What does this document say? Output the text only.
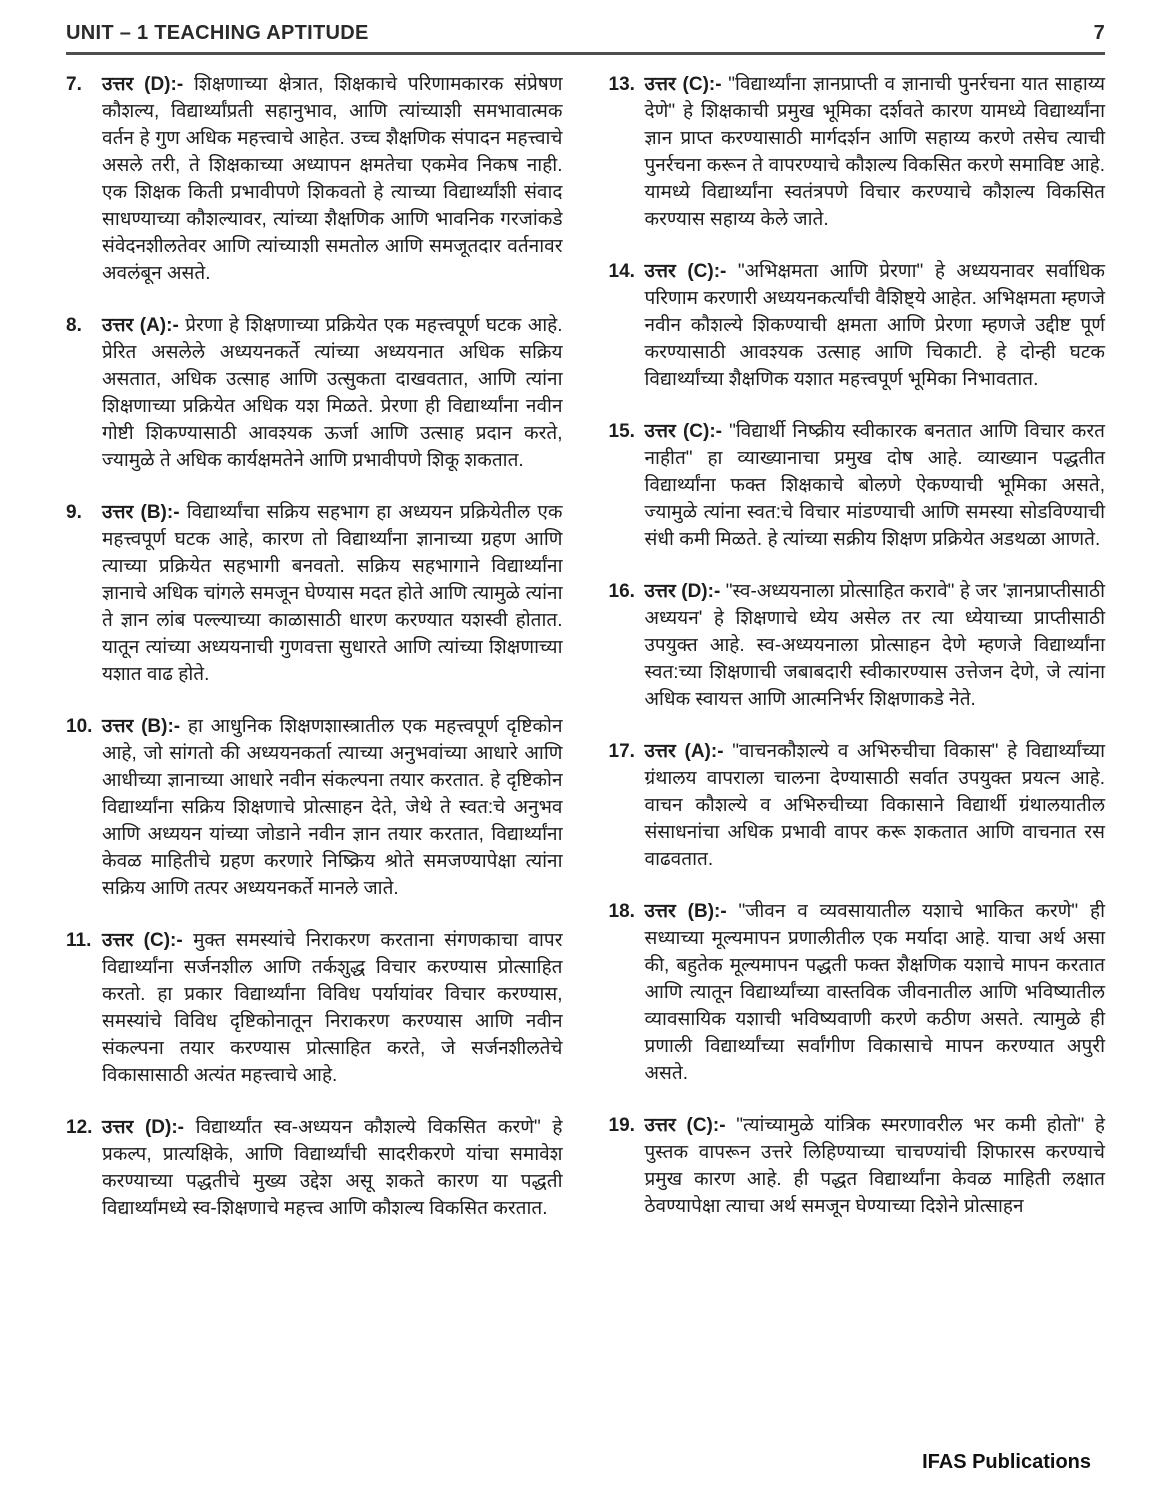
UNIT – 1 TEACHING APTITUDE	7
7.	उत्तर (D):- शिक्षणाच्या क्षेत्रात, शिक्षकाचे परिणामकारक संप्रेषण कौशल्य, विद्यार्थ्यांप्रती सहानुभाव, आणि त्यांच्याशी समभावात्मक वर्तन हे गुण अधिक महत्त्वाचे आहेत. उच्च शैक्षणिक संपादन महत्त्वाचे असले तरी, ते शिक्षकाच्या अध्यापन क्षमतेचा एकमेव निकष नाही. एक शिक्षक किती प्रभावीपणे शिकवतो हे त्याच्या विद्यार्थ्यांशी संवाद साधण्याच्या कौशल्यावर, त्यांच्या शैक्षणिक आणि भावनिक गरजांकडे संवेदनशीलतेवर आणि त्यांच्याशी समतोल आणि समजूतदार वर्तनावर अवलंबून असते.
8.	उत्तर (A):- प्रेरणा हे शिक्षणाच्या प्रक्रियेत एक महत्त्वपूर्ण घटक आहे. प्रेरित असलेले अध्ययनकर्ते त्यांच्या अध्ययनात अधिक सक्रिय असतात, अधिक उत्साह आणि उत्सुकता दाखवतात, आणि त्यांना शिक्षणाच्या प्रक्रियेत अधिक यश मिळते. प्रेरणा ही विद्यार्थ्यांना नवीन गोष्टी शिकण्यासाठी आवश्यक ऊर्जा आणि उत्साह प्रदान करते, ज्यामुळे ते अधिक कार्यक्षमतेने आणि प्रभावीपणे शिकू शकतात.
9.	उत्तर (B):- विद्यार्थ्यांचा सक्रिय सहभाग हा अध्ययन प्रक्रियेतील एक महत्त्वपूर्ण घटक आहे, कारण तो विद्यार्थ्यांना ज्ञानाच्या ग्रहण आणि त्याच्या प्रक्रियेत सहभागी बनवतो. सक्रिय सहभागाने विद्यार्थ्यांना ज्ञानाचे अधिक चांगले समजून घेण्यास मदत होते आणि त्यामुळे त्यांना ते ज्ञान लांब पल्ल्याच्या काळासाठी धारण करण्यात यशस्वी होतात. यातून त्यांच्या अध्ययनाची गुणवत्ता सुधारते आणि त्यांच्या शिक्षणाच्या यशात वाढ होते.
10. उत्तर (B):- हा आधुनिक शिक्षणशास्त्रातील एक महत्त्वपूर्ण दृष्टिकोन आहे, जो सांगतो की अध्ययनकर्ता त्याच्या अनुभवांच्या आधारे आणि आधीच्या ज्ञानाच्या आधारे नवीन संकल्पना तयार करतात. हे दृष्टिकोन विद्यार्थ्यांना सक्रिय शिक्षणाचे प्रोत्साहन देते, जेथे ते स्वत:चे अनुभव आणि अध्ययन यांच्या जोडाने नवीन ज्ञान तयार करतात, विद्यार्थ्यांना केवळ माहितीचे ग्रहण करणारे निष्क्रिय श्रोते समजण्यापेक्षा त्यांना सक्रिय आणि तत्पर अध्ययनकर्ते मानले जाते.
11. उत्तर (C):- मुक्त समस्यांचे निराकरण करताना संगणकाचा वापर विद्यार्थ्यांना सर्जनशील आणि तर्कशुद्ध विचार करण्यास प्रोत्साहित करतो. हा प्रकार विद्यार्थ्यांना विविध पर्यायांवर विचार करण्यास, समस्यांचे विविध दृष्टिकोनातून निराकरण करण्यास आणि नवीन संकल्पना तयार करण्यास प्रोत्साहित करते, जे सर्जनशीलतेचे विकासासाठी अत्यंत महत्त्वाचे आहे.
12. उत्तर (D):- विद्यार्थ्यांत स्व-अध्ययन कौशल्ये विकसित करणे" हे प्रकल्प, प्रात्यक्षिके, आणि विद्यार्थ्यांची सादरीकरणे यांचा समावेश करण्याच्या पद्धतीचे मुख्य उद्देश असू शकते कारण या पद्धती विद्यार्थ्यांमध्ये स्व-शिक्षणाचे महत्त्व आणि कौशल्य विकसित करतात.
13. उत्तर (C):- "विद्यार्थ्यांना ज्ञानप्राप्ती व ज्ञानाची पुनर्रचना यात साहाय्य देणे" हे शिक्षकाची प्रमुख भूमिका दर्शवते कारण यामध्ये विद्यार्थ्यांना ज्ञान प्राप्त करण्यासाठी मार्गदर्शन आणि सहाय्य करणे तसेच त्याची पुनर्रचना करून ते वापरण्याचे कौशल्य विकसित करणे समाविष्ट आहे. यामध्ये विद्यार्थ्यांना स्वतंत्रपणे विचार करण्याचे कौशल्य विकसित करण्यास सहाय्य केले जाते.
14. उत्तर (C):- "अभिक्षमता आणि प्रेरणा" हे अध्ययनावर सर्वाधिक परिणाम करणारी अध्ययनकर्त्यांची वैशिष्ट्ये आहेत. अभिक्षमता म्हणजे नवीन कौशल्ये शिकण्याची क्षमता आणि प्रेरणा म्हणजे उद्दीष्ट पूर्ण करण्यासाठी आवश्यक उत्साह आणि चिकाटी. हे दोन्ही घटक विद्यार्थ्यांच्या शैक्षणिक यशात महत्त्वपूर्ण भूमिका निभावतात.
15. उत्तर (C):- "विद्यार्थी निष्क्रीय स्वीकारक बनतात आणि विचार करत नाहीत" हा व्याख्यानाचा प्रमुख दोष आहे. व्याख्यान पद्धतीत विद्यार्थ्यांना फक्त शिक्षकाचे बोलणे ऐकण्याची भूमिका असते, ज्यामुळे त्यांना स्वत:चे विचार मांडण्याची आणि समस्या सोडविण्याची संधी कमी मिळते. हे त्यांच्या सक्रीय शिक्षण प्रक्रियेत अडथळा आणते.
16. उत्तर (D):- "स्व-अध्ययनाला प्रोत्साहित करावे" हे जर 'ज्ञानप्राप्तीसाठी अध्ययन' हे शिक्षणाचे ध्येय असेल तर त्या ध्येयाच्या प्राप्तीसाठी उपयुक्त आहे. स्व-अध्ययनाला प्रोत्साहन देणे म्हणजे विद्यार्थ्यांना स्वत:च्या शिक्षणाची जबाबदारी स्वीकारण्यास उत्तेजन देणे, जे त्यांना अधिक स्वायत्त आणि आत्मनिर्भर शिक्षणाकडे नेते.
17. उत्तर (A):- "वाचनकौशल्ये व अभिरुचीचा विकास" हे विद्यार्थ्यांच्या ग्रंथालय वापराला चालना देण्यासाठी सर्वात उपयुक्त प्रयत्न आहे. वाचन कौशल्ये व अभिरुचीच्या विकासाने विद्यार्थी ग्रंथालयातील संसाधनांचा अधिक प्रभावी वापर करू शकतात आणि वाचनात रस वाढवतात.
18. उत्तर (B):- "जीवन व व्यवसायातील यशाचे भाकित करणे" ही सध्याच्या मूल्यमापन प्रणालीतील एक मर्यादा आहे. याचा अर्थ असा की, बहुतेक मूल्यमापन पद्धती फक्त शैक्षणिक यशाचे मापन करतात आणि त्यातून विद्यार्थ्यांच्या वास्तविक जीवनातील आणि भविष्यातील व्यावसायिक यशाची भविष्यवाणी करणे कठीण असते. त्यामुळे ही प्रणाली विद्यार्थ्यांच्या सर्वांगीण विकासाचे मापन करण्यात अपुरी असते.
19. उत्तर (C):- "त्यांच्यामुळे यांत्रिक स्मरणावरील भर कमी होतो" हे पुस्तक वापरून उत्तरे लिहिण्याच्या चाचण्यांची शिफारस करण्याचे प्रमुख कारण आहे. ही पद्धत विद्यार्थ्यांना केवळ माहिती लक्षात ठेवण्यापेक्षा त्याचा अर्थ समजून घेण्याच्या दिशेने प्रोत्साहन
IFAS Publications
